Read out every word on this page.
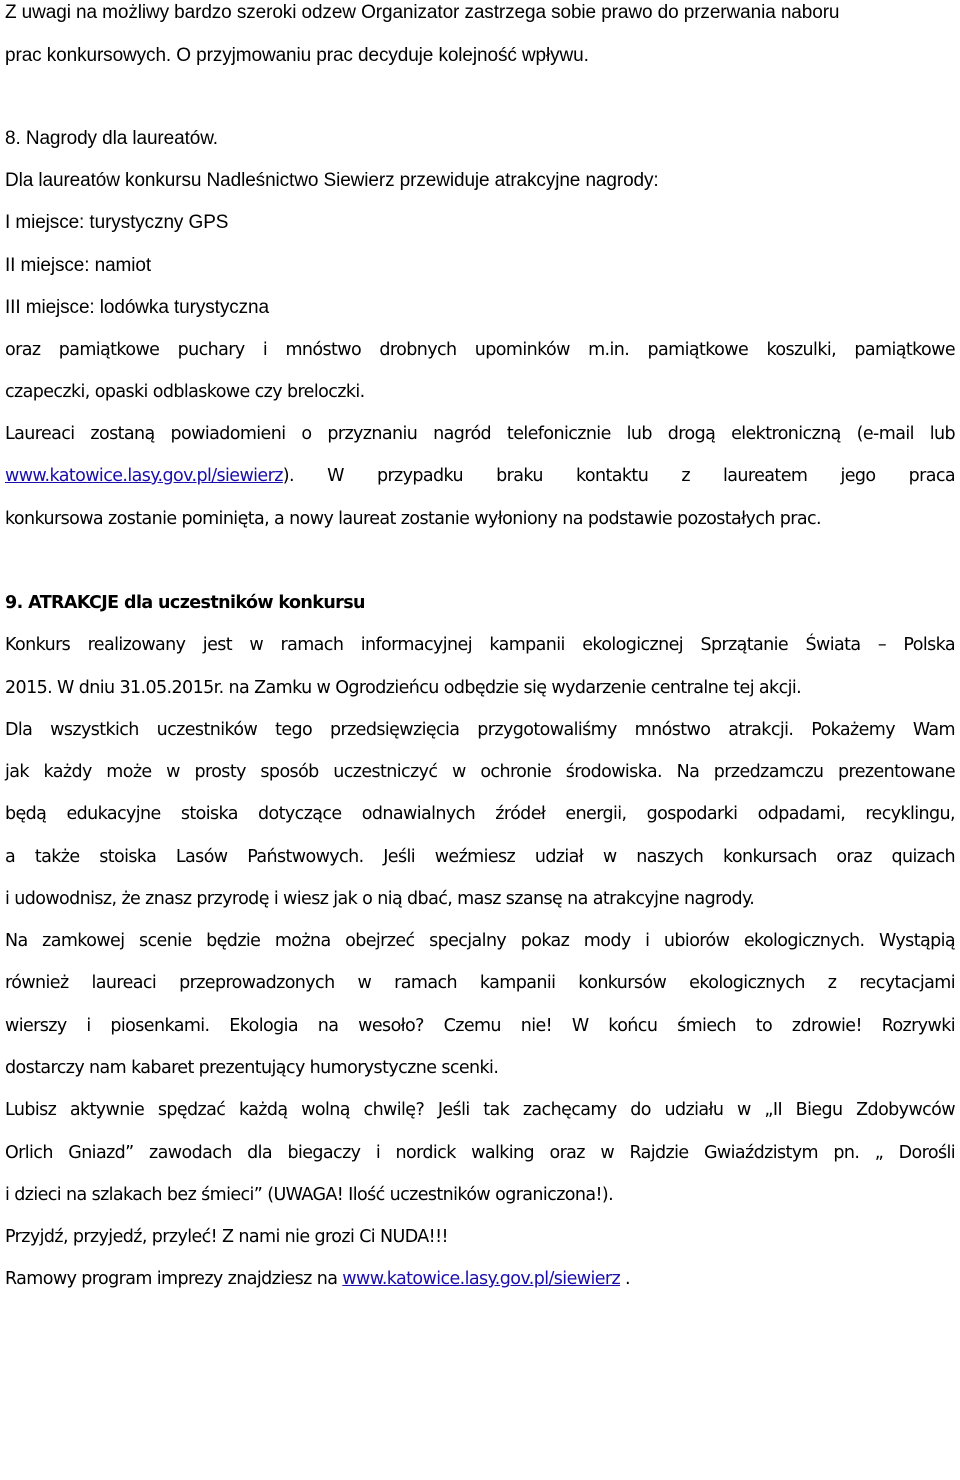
Z uwagi na możliwy bardzo szeroki odzew Organizator zastrzega sobie prawo do przerwania naboru

prac konkursowych. O przyjmowaniu prac decyduje kolejność wpływu.

8. Nagrody dla laureatów.

Dla laureatów konkursu Nadleśnictwo Siewierz przewiduje atrakcyjne nagrody:

I miejsce: turystyczny GPS

II miejsce: namiot

III miejsce: lodówka turystyczna

oraz pamiątkowe puchary i mnóstwo drobnych upominków m.in. pamiątkowe koszulki, pamiątkowe

czapeczki, opaski odblaskowe czy breloczki.

Laureaci zostaną powiadomieni o przyznaniu nagród telefonicznie lub drogą elektroniczną (e-mail lub

www.katowice.lasy.gov.pl/siewierz). W przypadku braku kontaktu z laureatem jego praca

konkursowa zostanie pominięta, a nowy laureat zostanie wyłoniony na podstawie pozostałych prac.

9. ATRAKCJE dla uczestników konkursu

Konkurs realizowany jest w ramach informacyjnej kampanii ekologicznej Sprzątanie Świata – Polska

2015. W dniu 31.05.2015r. na Zamku w Ogrodzieńcu odbędzie się wydarzenie centralne tej akcji.

Dla wszystkich uczestników tego przedsięwzięcia przygotowaliśmy mnóstwo atrakcji. Pokażemy Wam

jak każdy może w prosty sposób uczestniczyć w ochronie środowiska. Na przedzamczu prezentowane

będą edukacyjne stoiska dotyczące odnawialnych źródeł energii, gospodarki odpadami, recyklingu,

a także stoiska Lasów Państwowych. Jeśli weźmiesz udział w naszych konkursach oraz quizach

i udowodnisz, że znasz przyrodę i wiesz jak o nią dbać, masz szansę na atrakcyjne nagrody.

Na zamkowej scenie będzie można obejrzeć specjalny pokaz mody i ubiorów ekologicznych. Wystąpią

również laureaci przeprowadzonych w ramach kampanii konkursów ekologicznych z recytacjami

wierszy i piosenkami. Ekologia na wesoło? Czemu nie! W końcu śmiech to zdrowie! Rozrywki

dostarczy nam kabaret prezentujący humorystyczne scenki.

Lubisz aktywnie spędzać każdą wolną chwilę? Jeśli tak zachęcamy do udziału w „II Biegu Zdobywców

Orlich Gniazd” zawodach dla biegaczy i nordick walking oraz w Rajdzie Gwiaździstym pn. „ Dorośli

i dzieci na szlakach bez śmieci” (UWAGA! Ilość uczestników ograniczona!).

Przyjdź, przyjedź, przyleć! Z nami nie grozi Ci NUDA!!!

Ramowy program imprezy znajdziesz na www.katowice.lasy.gov.pl/siewierz .
